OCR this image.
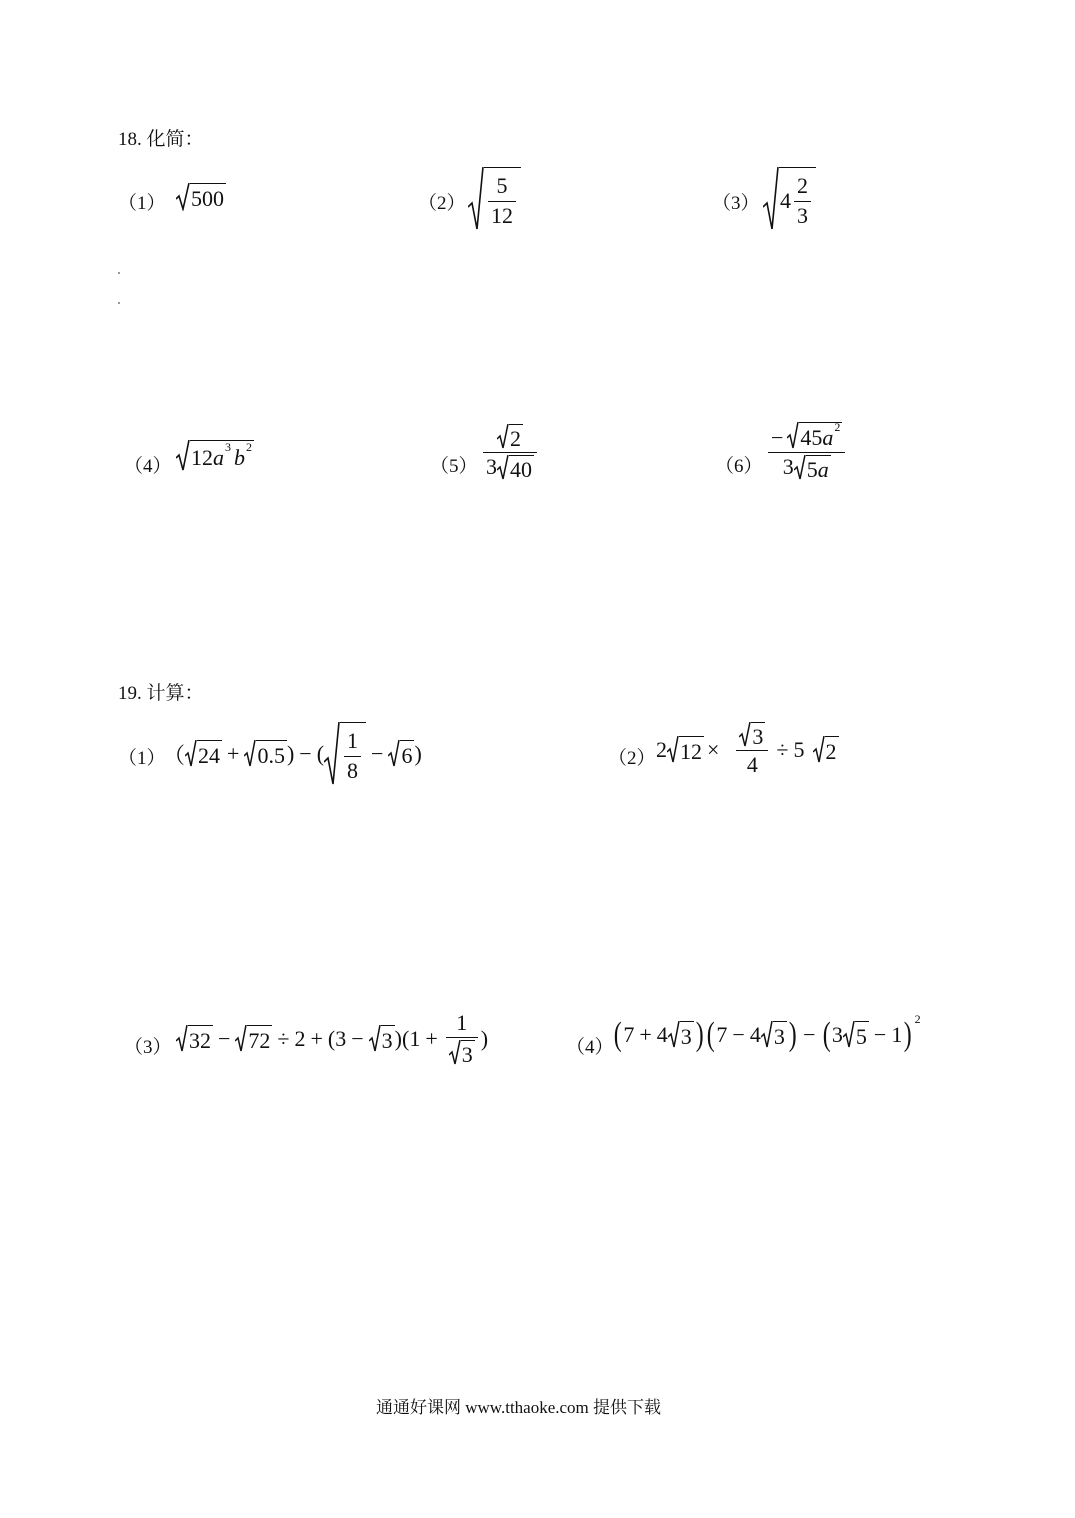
18. 化简：
（1） 500	$(2) \frac{5}{12}$	（3） $4 \frac{2}{3}$
（4） 12 a 3 b 2
$(5) \frac{2}{3 40}$	$(6) \frac{- 45 a 2}{3 5 a}$
19. 计算：
（1）
（ 24 + 0.5 ) − ( $\frac{1}{8} - 6$ )	（2） 2 $12 \times \frac{3}{4} \div 5$ 2
（3） 32 − 72 ÷ 2 + (3 − 3 )($1 + \frac{1}{3}$ )	（4） ( 7 + 4 3 ) ( 7 − 4 3 ) − ( 3 5 − 1 ) 2
通通好课网 www.tthaoke.com 提供下载
